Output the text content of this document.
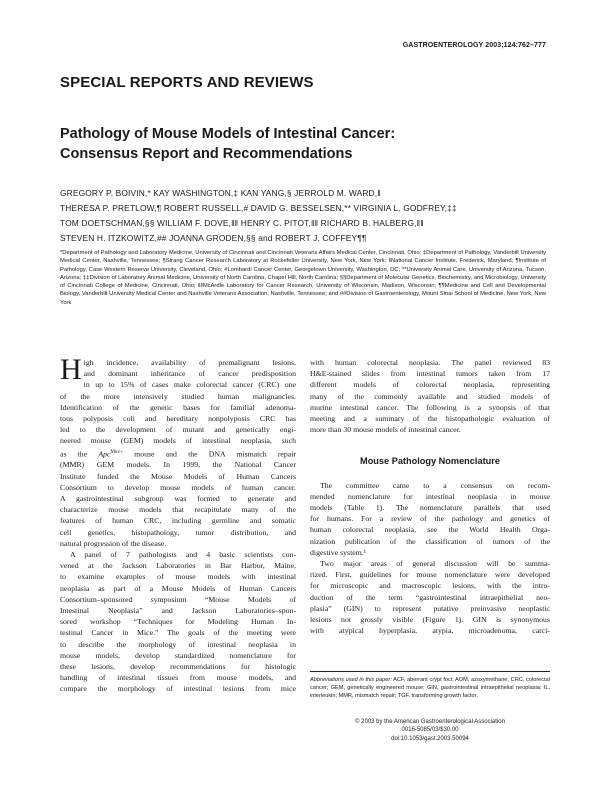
GASTROENTEROLOGY 2003;124:762–777
SPECIAL REPORTS AND REVIEWS
Pathology of Mouse Models of Intestinal Cancer:
Consensus Report and Recommendations
GREGORY P. BOIVIN,* KAY WASHINGTON,‡ KAN YANG,§ JERROLD M. WARD,‖
THERESA P. PRETLOW,¶ ROBERT RUSSELL,# DAVID G. BESSELSEN,** VIRGINIA L. GODFREY,‡‡
TOM DOETSCHMAN,§§ WILLIAM F. DOVE,‖‖ HENRY C. PITOT,‖‖ RICHARD B. HALBERG,‖‖
STEVEN H. ITZKOWITZ,## JOANNA GRODEN,§§ and ROBERT J. COFFEY¶¶
*Department of Pathology and Laboratory Medicine, University of Cincinnati and Cincinnati Veterans Affairs Medical Center, Cincinnati, Ohio; ‡Department of Pathology, Vanderbilt University Medical Center, Nashville, Tennessee; §Strang Cancer Research Laboratory at Rockefeller University, New York, New York; ‖National Cancer Institute, Frederick, Maryland; ¶Institute of Pathology, Case Western Reserve University, Cleveland, Ohio; #Lombardi Cancer Center, Georgetown University, Washington, DC; **University Animal Care, University of Arizona, Tucson, Arizona; ‡‡Division of Laboratory Animal Medicine, University of North Carolina, Chapel Hill, North Carolina; §§Department of Molecular Genetics, Biochemistry, and Microbiology, University of Cincinnati College of Medicine, Cincinnati, Ohio; ‖‖McArdle Laboratory for Cancer Research, University of Wisconsin, Madison, Wisconsin; ¶¶Medicine and Cell and Developmental Biology, Vanderbilt University Medical Center and Nashville Veterans Association, Nashville, Tennessee; and ##Division of Gastroenterology, Mount Sinai School of Medicine, New York, New York
H igh incidence, availability of premalignant lesions,
and dominant inheritance of cancer predisposition
in up to 15% of cases make colorectal cancer (CRC) one
of the more intensively studied human malignancies.
Identification of the genetic bases for familial adenoma-
tous polyposis coli and hereditary nonpolyposis CRC has
led to the development of mutant and genetically engi-
neered mouse (GEM) models of intestinal neoplasia, such
as the Apc$^{Min/+}$ mouse and the DNA mismatch repair
(MMR) GEM models. In 1999, the National Cancer
Institute funded the Mouse Models of Human Cancers
Consortium to develop mouse models of human cancer.
A gastrointestinal subgroup was formed to generate and
characterize mouse models that recapitulate many of the
features of human CRC, including germline and somatic
cell genetics, histopathology, tumor distribution, and
natural progression of the disease.
A panel of 7 pathologists and 4 basic scientists con-
vened at the Jackson Laboratories in Bar Harbor, Maine,
to examine examples of mouse models with intestinal
neoplasia as part of a Mouse Models of Human Cancers
Consortium–sponsored symposium “Mouse Models of
Intestinal Neoplasia” and Jackson Laboratories–spon-
sored workshop “Techniques for Modeling Human In-
testinal Cancer in Mice.” The goals of the meeting were
to describe the morphology of intestinal neoplasia in
mouse models, develop standardized nomenclature for
these lesions, develop recommendations for histologic
handling of intestinal tissues from mouse models, and
compare the morphology of intestinal lesions from mice
with human colorectal neoplasia. The panel reviewed 83
H&E-stained slides from intestinal tumors taken from 17
different models of colorectal neoplasia, representing
many of the commonly available and studied models of
murine intestinal cancer. The following is a synopsis of that
meeting and a summary of the histopathologic evaluation of
more than 30 mouse models of intestinal cancer.
Mouse Pathology Nomenclature
The committee came to a consensus on recom-
mended nomenclature for intestinal neoplasia in mouse
models (Table 1). The nomenclature parallels that used
for humans. For a review of the pathology and genetics of
human colorectal neoplasia, see the World Health Orga-
nization publication of the classification of tumors of the
digestive system.¹
Two major areas of general discussion will be summa-
rized. First, guidelines for mouse nomenclature were developed
for microscopic and macroscopic lesions, with the intro-
duction of the term “gastrointestinal intraepithelial neo-
plasia” (GIN) to represent putative preinvasive neoplastic
lesions not grossly visible (Figure 1). GIN is synonymous
with atypical hyperplasia, atypia, microadenoma, carci-
Abbreviations used in this paper: ACF, aberrant crypt foci; AOM, azoxymethane; CRC, colorectal cancer; GEM, genetically engineered mouse; GIN, gastrointestinal intraepithelial neoplasia; IL, interleukin; MMR, mismatch repair; TGF, transforming growth factor.
© 2003 by the American Gastroenterological Association
0016-5085/03/$30.00
doi:10.1053/gast.2003.50094
